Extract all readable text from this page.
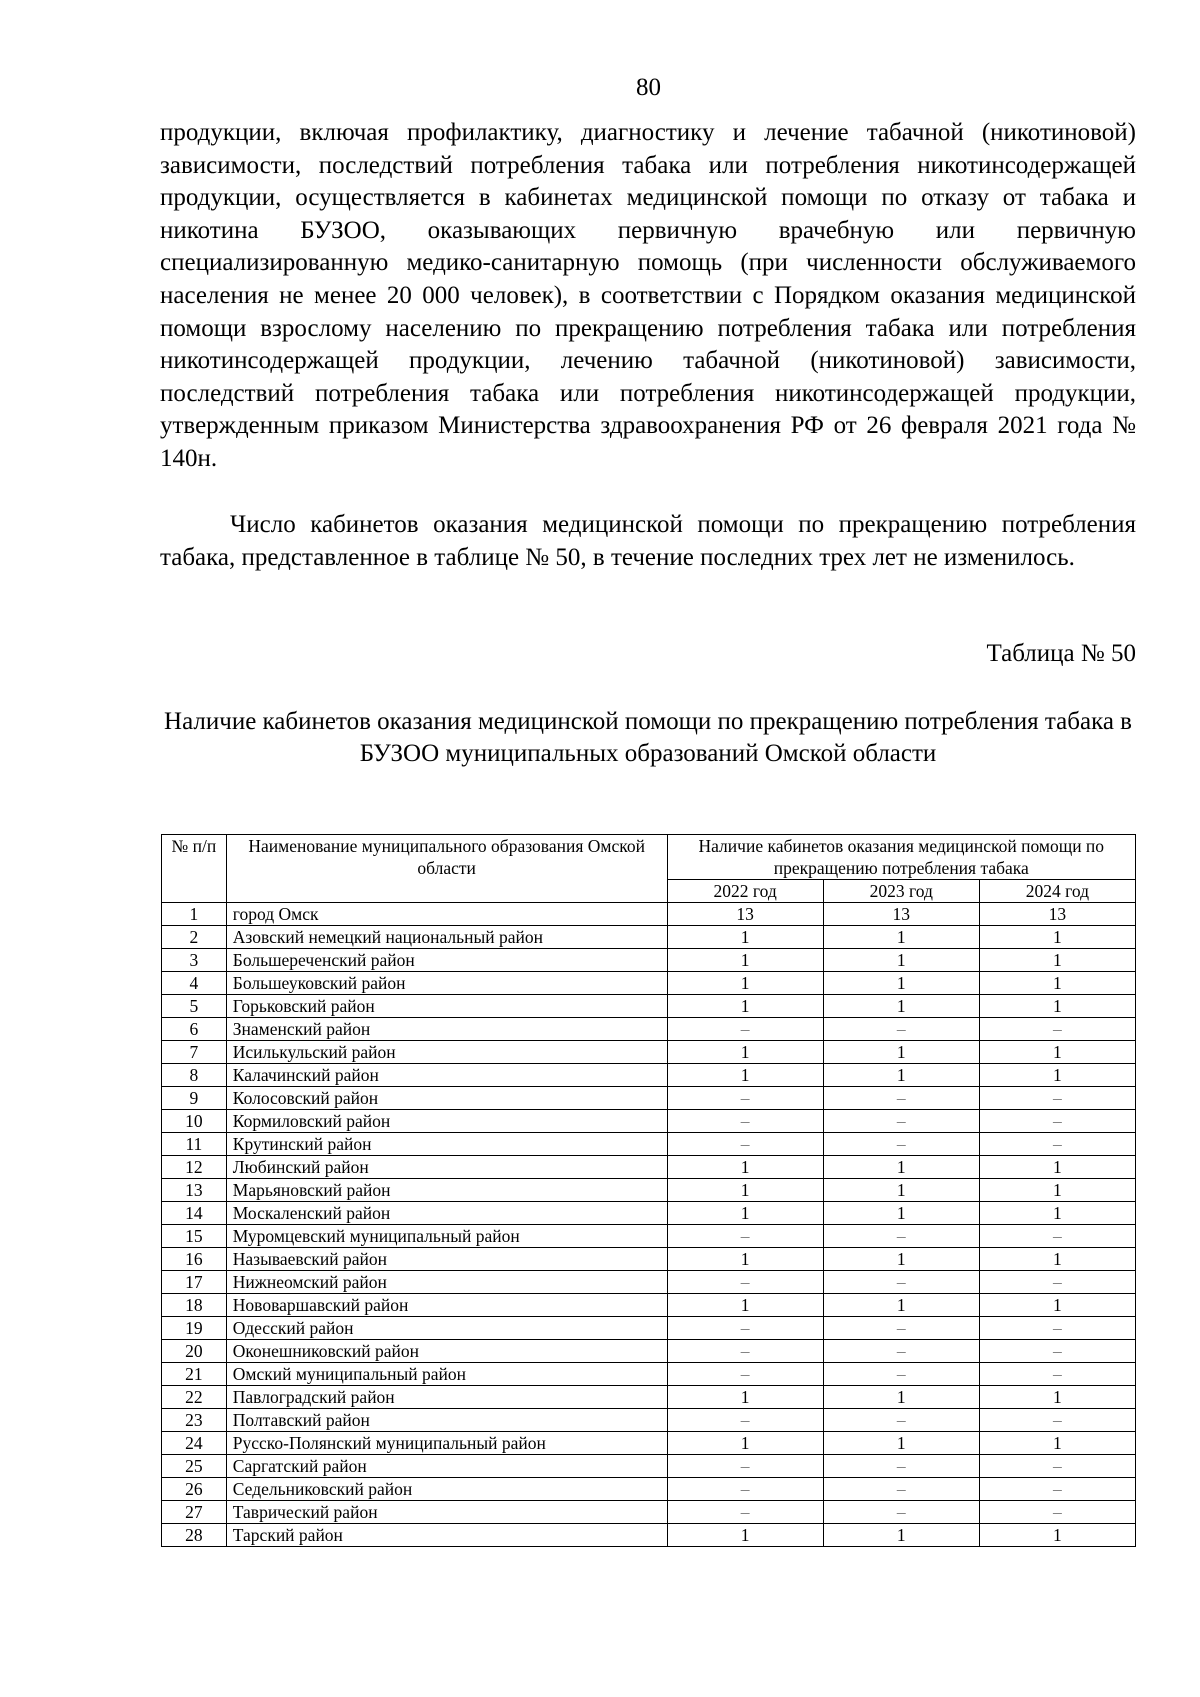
80
продукции, включая профилактику, диагностику и лечение табачной (никотиновой) зависимости, последствий потребления табака или потребления никотинсодержащей продукции, осуществляется в кабинетах медицинской помощи по отказу от табака и никотина БУЗОО, оказывающих первичную врачебную или первичную специализированную медико-санитарную помощь (при численности обслуживаемого населения не менее 20 000 человек), в соответствии с Порядком оказания медицинской помощи взрослому населению по прекращению потребления табака или потребления никотинсодержащей продукции, лечению табачной (никотиновой) зависимости, последствий потребления табака или потребления никотинсодержащей продукции, утвержденным приказом Министерства здравоохранения РФ от 26 февраля 2021 года № 140н.
Число кабинетов оказания медицинской помощи по прекращению потребления табака, представленное в таблице № 50, в течение последних трех лет не изменилось.
Таблица № 50
Наличие кабинетов оказания медицинской помощи по прекращению потребления табака в БУЗОО муниципальных образований Омской области
№ п/п	Наименование муниципального образования Омской области	Наличие кабинетов оказания медицинской помощи по прекращению потребления табака		
		2022 год	2023 год	2024 год
1	город Омск	13	13	13
2	Азовский немецкий национальный район	1	1	1
3	Большереченский район	1	1	1
4	Большеуковский район	1	1	1
5	Горьковский район	1	1	1
6	Знаменский район	–	–	–
7	Исилькульский район	1	1	1
8	Калачинский район	1	1	1
9	Колосовский район	–	–	–
10	Кормиловский район	–	–	–
11	Крутинский район	–	–	–
12	Любинский район	1	1	1
13	Марьяновский район	1	1	1
14	Москаленский район	1	1	1
15	Муромцевский муниципальный район	–	–	–
16	Называевский район	1	1	1
17	Нижнеомский район	–	–	–
18	Нововаршавский район	1	1	1
19	Одесский район	–	–	–
20	Оконешниковский район	–	–	–
21	Омский муниципальный район	–	–	–
22	Павлоградский район	1	1	1
23	Полтавский район	–	–	–
24	Русско-Полянский муниципальный район	1	1	1
25	Саргатский район	–	–	–
26	Седельниковский район	–	–	–
27	Таврический район	–	–	–
28	Тарский район	1	1	1
